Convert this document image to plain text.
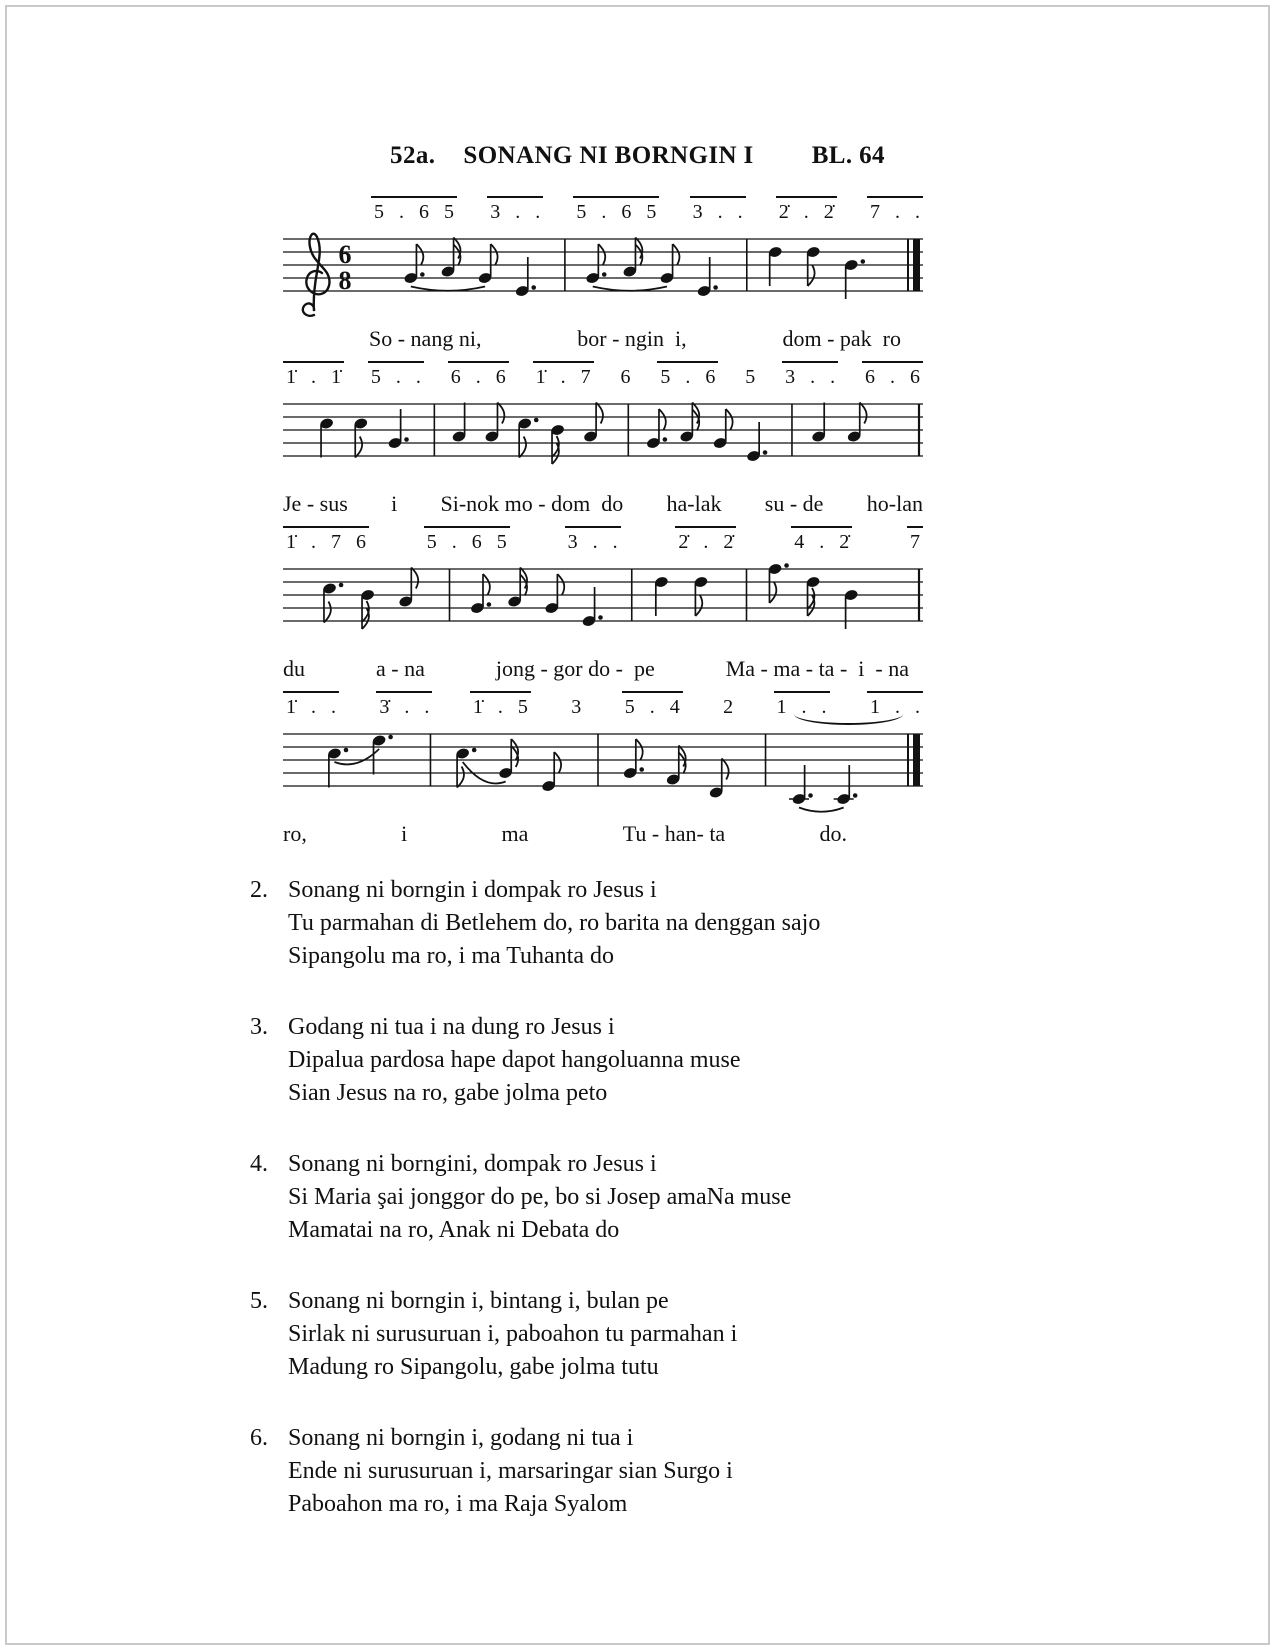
52a. SONANG NI BORNGIN I BL. 64
5 . 6 5 3 . . 5 . 6 5 3 . . 2̇ . 2̇ 7 . .
6
8
So - nang ni,	bor - ngin  i,	dom - pak  ro
1̇ . 1̇ 5 . . 6 . 6 1̇ . 7 6 5 . 6 5 3 . . 6 . 6
Je - sus i Si-nok mo - dom  do ha-lak su - de ho-lan
1̇ . 7 6	5 . 6 5	3 . .	2̇ . 2̇	4 . 2̇	7
du	a - na	jong - gor do -  pe	Ma - ma - ta -  i  - na
1̇ . . 3̇ . . 1̇ . 5 3 5 . 4 2 1 . . 1 . .
ro,	i	ma	Tu - han- ta	do.
2. Sonang ni borngin i dompak ro Jesus i
Tu parmahan di Betlehem do, ro barita na denggan sajo
Sipangolu ma ro, i ma Tuhanta do
3. Godang ni tua i na dung ro Jesus i
Dipalua pardosa hape dapot hangoluanna muse
Sian Jesus na ro, gabe jolma peto
4. Sonang ni borngini, dompak ro Jesus i
Si Maria şai jonggor do pe, bo si Josep amaNa muse
Mamatai na ro, Anak ni Debata do
5. Sonang ni borngin i, bintang i, bulan pe
Sirlak ni surusuruan i, paboahon tu parmahan i
Madung ro Sipangolu, gabe jolma tutu
6. Sonang ni borngin i, godang ni tua i
Ende ni surusuruan i, marsaringar sian Surgo i
Paboahon ma ro, i ma Raja Syalom
